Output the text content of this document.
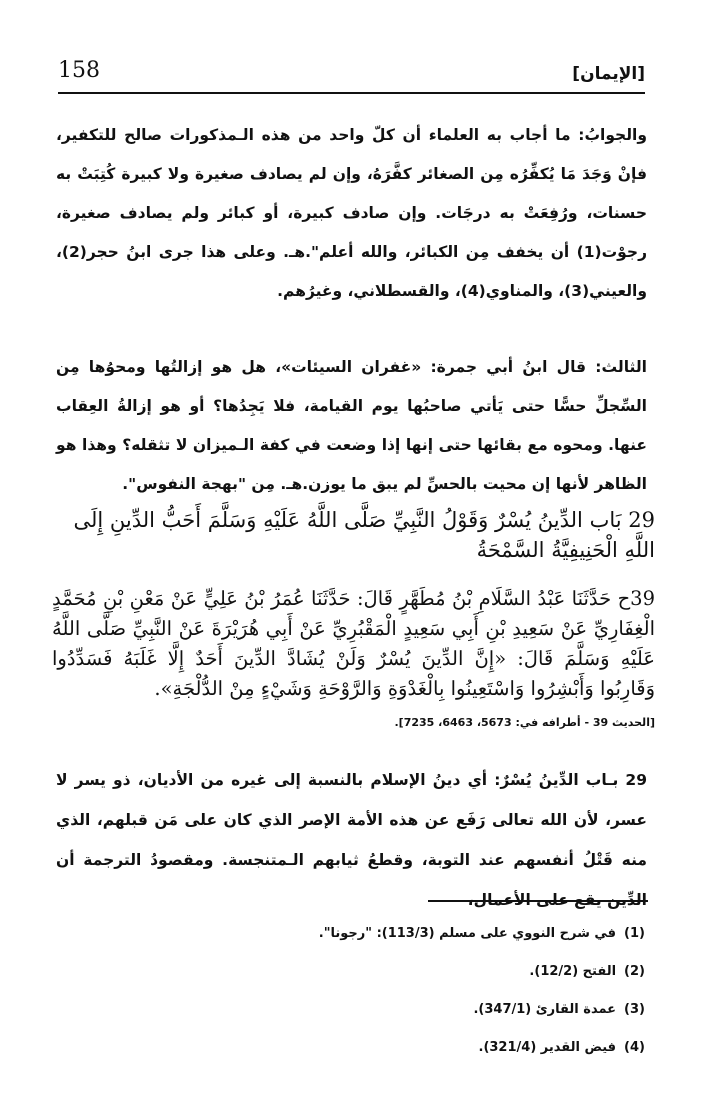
158	[الإيمان]

والجوابُ: ما أجاب به العلماء أن كلّ واحد من هذه الـمذكورات صالح للتكفير، فإنْ وَجَدَ مَا يُكفِّرُه مِن الصغائر كفَّرَهُ، وإن لم يصادف صغيرة ولا كبيرة كُتِبَتْ به حسنات، ورُفِعَتْ به درجَات. وإن صادف كبيرة، أو كبائر ولم يصادف صغيرة، رجوْت(1) أن يخفف مِن الكبائر، والله أعلم".هـ. وعلى هذا جرى ابنُ حجر(2)، والعيني(3)، والمناوي(4)، والقسطلاني، وغيرُهم.

الثالث: قال ابنُ أبي جمرة: «غفران السيئات»، هل هو إزالتُها ومحوُها مِن السِّجلِّ حسًّا حتى يَأتي صاحبُها يوم القيامة، فلا يَجِدُها؟ أو هو إزالةُ العِقاب عنها. ومحوه مع بقائها حتى إنها إذا وضعت في كفة الـميزان لا تثقله؟ وهذا هو الظاهر لأنها إن محيت بالحسِّ لم يبق ما يوزن.هـ. مِن "بهجة النفوس".

29 بَاب الدِّينُ يُسْرٌ وَقَوْلُ النَّبِيِّ صَلَّى اللَّهُ عَلَيْهِ وَسَلَّمَ أَحَبُّ الدِّينِ إِلَى اللَّهِ الْحَنِيفِيَّةُ السَّمْحَةُ
39ح حَدَّثَنَا عَبْدُ السَّلَامِ بْنُ مُطَهَّرٍ قَالَ: حَدَّثَنَا عُمَرُ بْنُ عَلِيٍّ عَنْ مَعْنِ بْنِ مُحَمَّدٍ الْغِفَارِيِّ عَنْ سَعِيدِ بْنِ أَبِي سَعِيدٍ الْمَقْبُرِيِّ عَنْ أَبِي هُرَيْرَةَ عَنْ النَّبِيِّ صَلَّى اللَّهُ عَلَيْهِ وَسَلَّمَ قَالَ: «إِنَّ الدِّينَ يُسْرٌ وَلَنْ يُشَادَّ الدِّينَ أَحَدٌ إِلَّا غَلَبَهُ فَسَدِّدُوا وَقَارِبُوا وَأَبْشِرُوا وَاسْتَعِينُوا بِالْغَدْوَةِ وَالرَّوْحَةِ وَشَيْءٍ مِنْ الدُّلْجَةِ».
[الحديث 39 - أطرافه في: 5673، 6463، 7235].

29 بـاب الدِّينُ يُسْرٌ: أي دينُ الإسلام بالنسبة إلى غيره من الأديان، ذو يسر لا عسر، لأن الله تعالى رَفَع عن هذه الأمة الإصر الذي كان على مَن قبلهم، الذي منه قَتْلُ أنفسهم عند التوبة، وقطعُ ثيابهم الـمتنجسة. ومقصودُ الترجمة أن الدِّين يقع على الأعمال،

(1)في شرح النووي على مسلم (113/3): "رجونا".
(2)الفتح (12/2).
(3)عمدة القارئ (347/1).
(4)فيض القدير (321/4).
